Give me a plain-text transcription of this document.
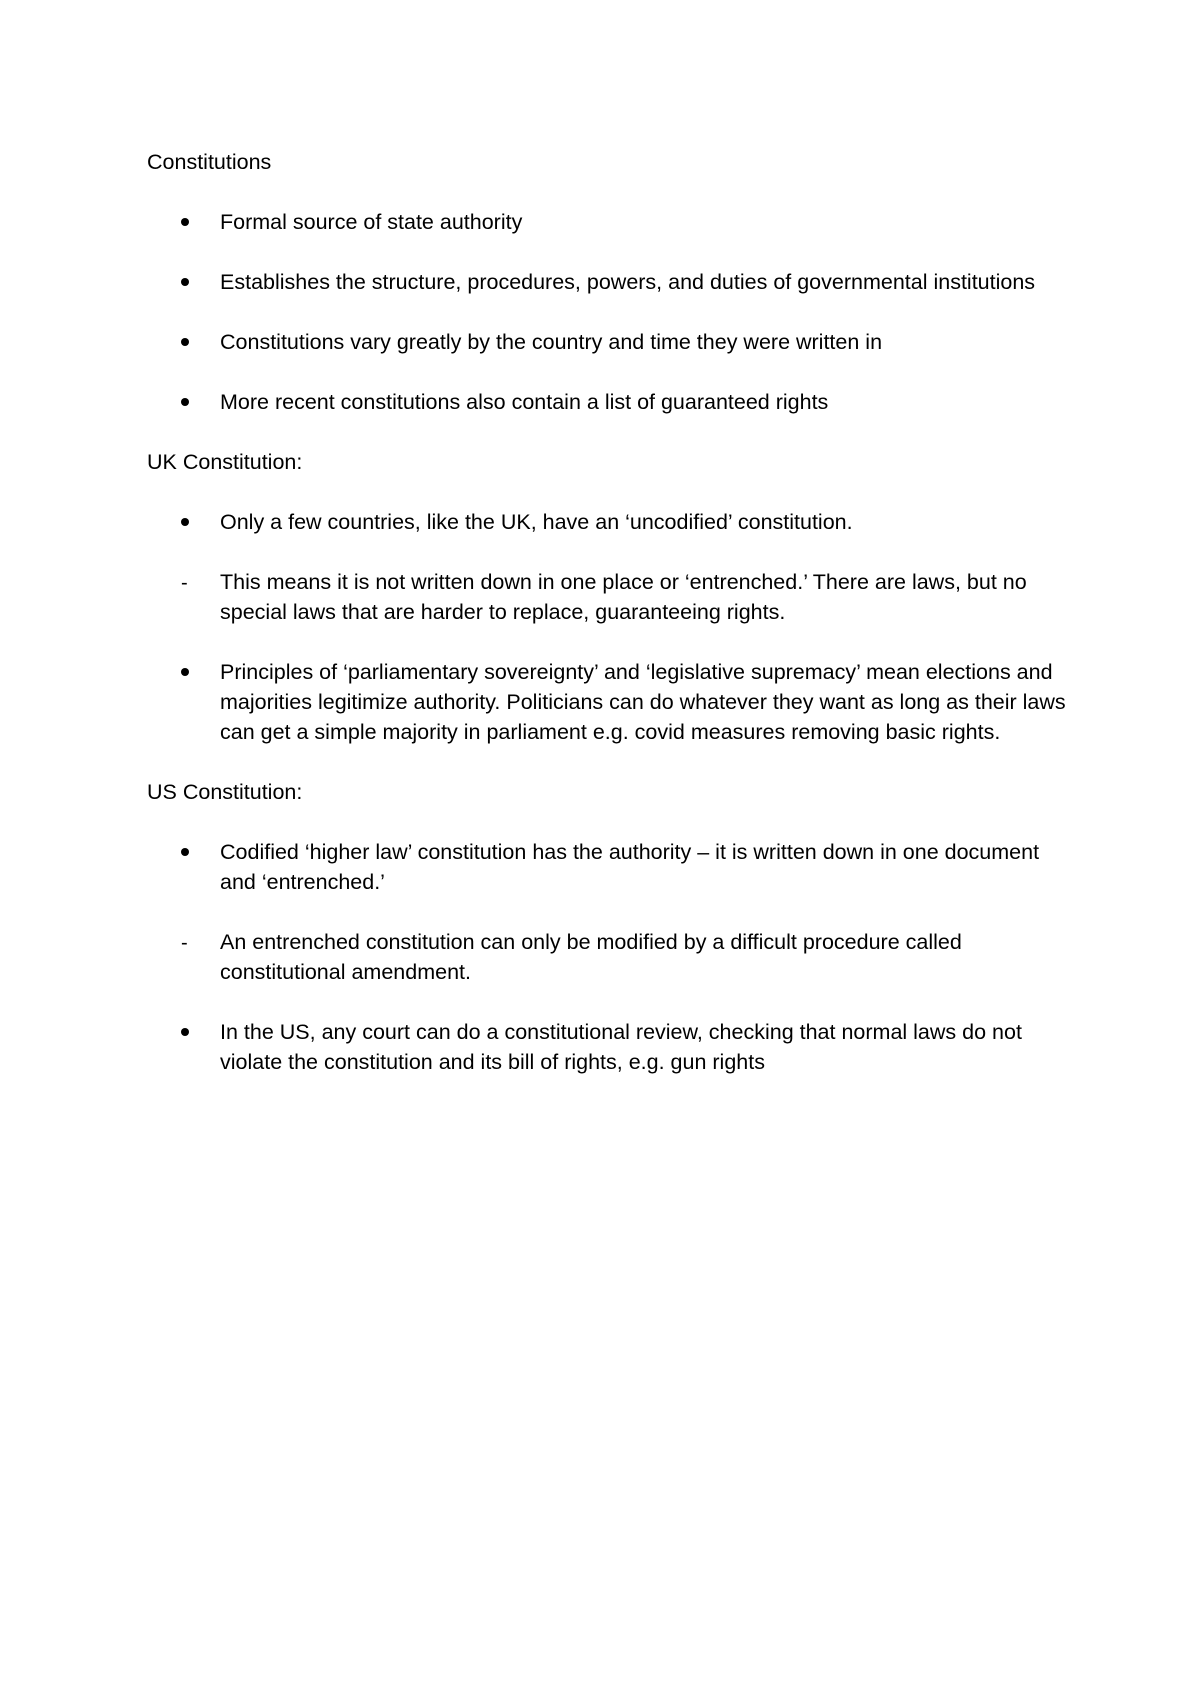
Constitutions

Formal source of state authority
Establishes the structure, procedures, powers, and duties of governmental institutions
Constitutions vary greatly by the country and time they were written in
More recent constitutions also contain a list of guaranteed rights

UK Constitution:

Only a few countries, like the UK, have an ‘uncodified’ constitution.
-	This means it is not written down in one place or ‘entrenched.’ There are laws, but no special laws that are harder to replace, guaranteeing rights.
Principles of ‘parliamentary sovereignty’ and ‘legislative supremacy’ mean elections and majorities legitimize authority. Politicians can do whatever they want as long as their laws can get a simple majority in parliament e.g. covid measures removing basic rights.

US Constitution:

Codified ‘higher law’ constitution has the authority – it is written down in one document and ‘entrenched.’
-	An entrenched constitution can only be modified by a difficult procedure called constitutional amendment.
In the US, any court can do a constitutional review, checking that normal laws do not violate the constitution and its bill of rights, e.g. gun rights
